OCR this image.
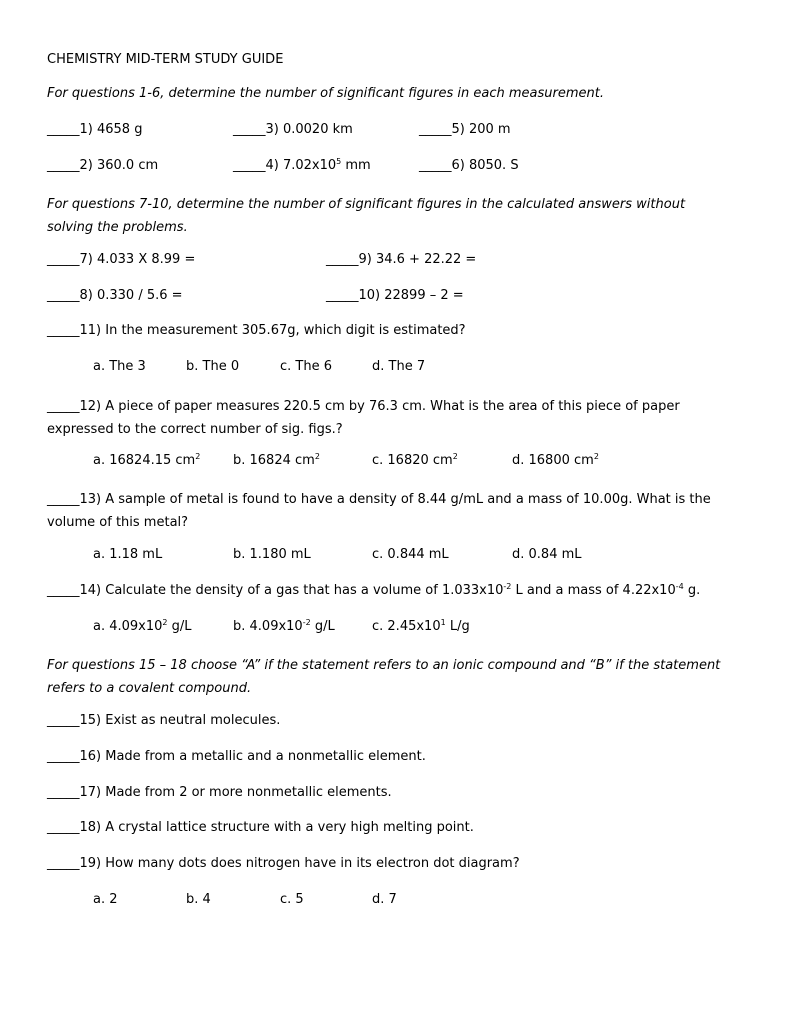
CHEMISTRY MID-TERM STUDY GUIDE
For questions 1-6, determine the number of significant figures in each measurement.
_____1) 4658 g	_____3) 0.0020 km	_____5) 200 m
_____2) 360.0 cm	_____4) $7.02x10^5$ mm	_____6) 8050. S
For questions 7-10, determine the number of significant figures in the calculated answers without solving the problems.
_____7) 4.033 X 8.99 =	_____9) 34.6 + 22.22 =
_____8) 0.330 / 5.6 =	_____10) 22899 – 2 =
_____11) In the measurement 305.67g, which digit is estimated?
a. The 3	b. The 0	c. The 6	d. The 7
_____12) A piece of paper measures 220.5 cm by 76.3 cm. What is the area of this piece of paper expressed to the correct number of sig. figs.?
a. 16824.15 $cm^2$	b. 16824 $cm^2$	c. 16820 $cm^2$	d. 16800 $cm^2$
_____13) A sample of metal is found to have a density of 8.44 g/mL and a mass of 10.00g. What is the volume of this metal?
a. 1.18 mL	b. 1.180 mL	c. 0.844 mL	d. 0.84 mL
_____14) Calculate the density of a gas that has a volume of $1.033x10^{-2}$ L and a mass of $4.22x10^{-4}$ g.
a. $4.09x10^2$ g/L	b. $4.09x10^{-2}$ g/L	c. $2.45x10^1$ L/g
For questions 15 – 18 choose “A” if the statement refers to an ionic compound and “B” if the statement refers to a covalent compound.
_____15) Exist as neutral molecules.
_____16) Made from a metallic and a nonmetallic element.
_____17) Made from 2 or more nonmetallic elements.
_____18) A crystal lattice structure with a very high melting point.
_____19) How many dots does nitrogen have in its electron dot diagram?
a. 2	b. 4	c. 5	d. 7
